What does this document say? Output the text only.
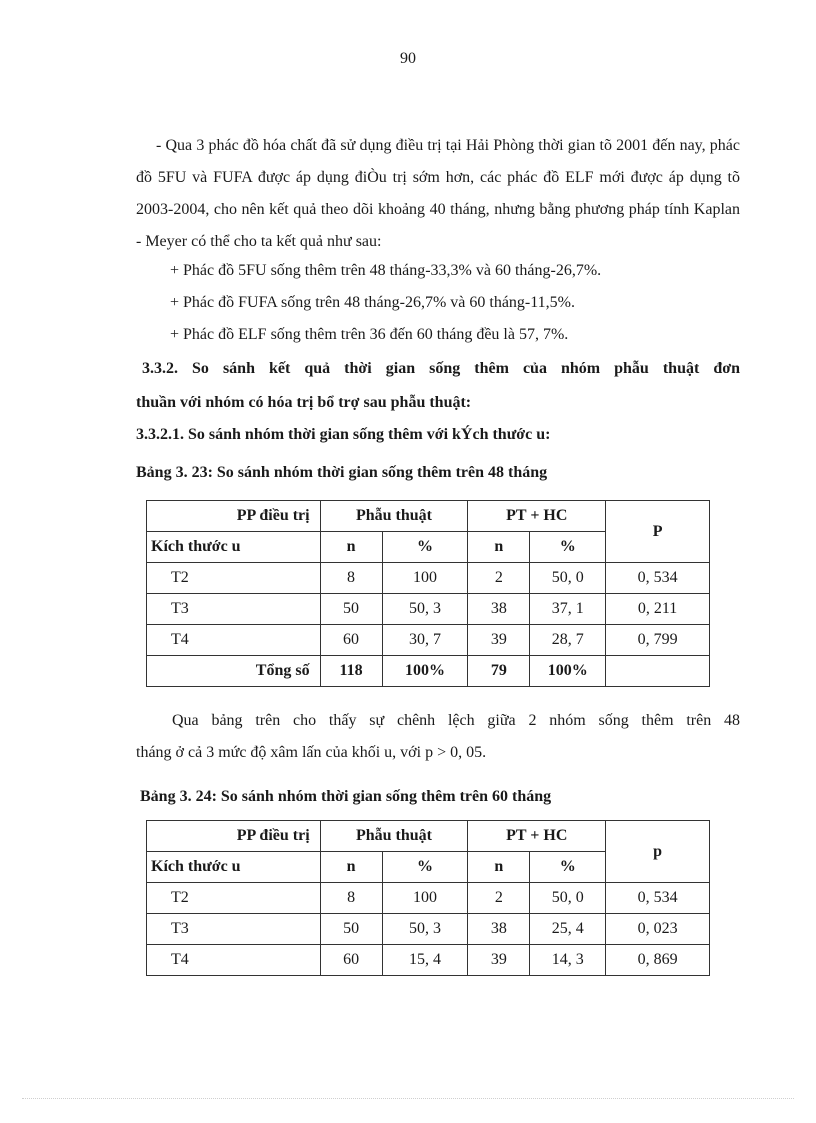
90
- Qua 3 phác đồ hóa chất đã sử dụng điều trị tại Hải Phòng thời gian tõ 2001 đến nay, phác đồ 5FU và FUFA được áp dụng điÒu trị sớm hơn, các phác đồ ELF mới được áp dụng tõ 2003-2004, cho nên kết quả theo dõi khoảng 40 tháng, nhưng bằng phương pháp tính Kaplan - Meyer có thể cho ta kết quả như sau:
+ Phác đồ 5FU sống thêm trên 48 tháng-33,3% và 60 tháng-26,7%.
+ Phác đồ FUFA sống trên 48 tháng-26,7% và 60 tháng-11,5%.
+ Phác đồ ELF sống thêm trên 36 đến 60 tháng đều là 57, 7%.
3.3.2. So sánh kết quả thời gian sống thêm của nhóm phẫu thuật đơn
thuần với nhóm có hóa trị bổ trợ sau phẫu thuật:
3.3.2.1. So sánh nhóm thời gian sống thêm với kÝch thước u:
Bảng 3. 23: So sánh nhóm thời gian sống thêm trên 48 tháng
PP điều trị	Phẫu thuật		PT + HC		P
Kích thước u	n	%	n	%	
T2	8	100	2	50, 0	0, 534
T3	50	50, 3	38	37, 1	0, 211
T4	60	30, 7	39	28, 7	0, 799
Tổng số	118	100%	79	100%	
Qua bảng trên cho thấy sự chênh lệch giữa 2 nhóm sống thêm trên 48
tháng ở cả 3 mức độ xâm lấn của khối u, với p > 0, 05.
Bảng 3. 24: So sánh nhóm thời gian sống thêm trên 60 tháng
PP điều trị	Phẫu thuật		PT + HC		p
Kích thước u	n	%	n	%	
T2	8	100	2	50, 0	0, 534
T3	50	50, 3	38	25, 4	0, 023
T4	60	15, 4	39	14, 3	0, 869
